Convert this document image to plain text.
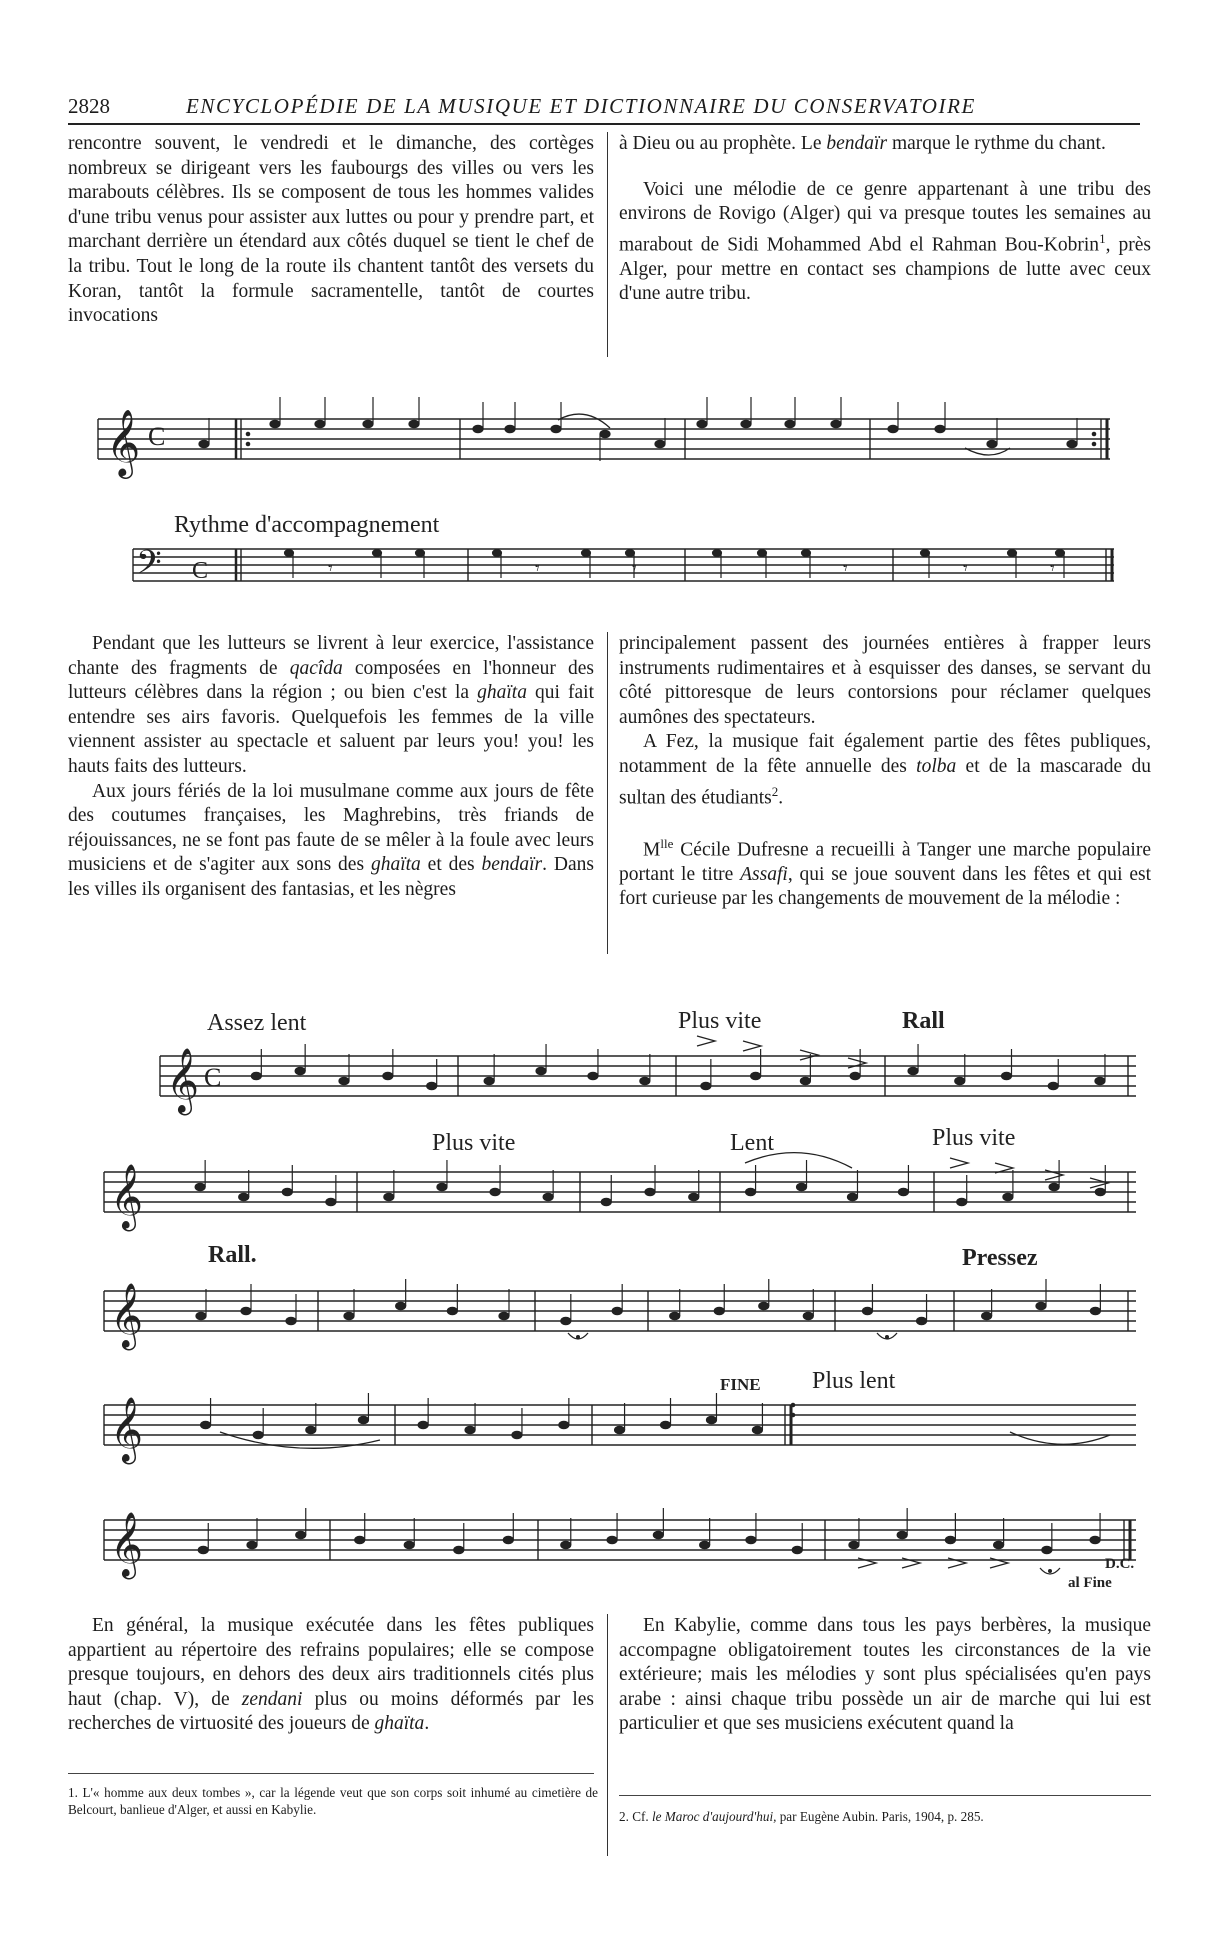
2828	ENCYCLOPÉDIE DE LA MUSIQUE ET DICTIONNAIRE DU CONSERVATOIRE

rencontre souvent, le vendredi et le dimanche, des cortèges nombreux se dirigeant vers les faubourgs des villes ou vers les marabouts célèbres. Ils se composent de tous les hommes valides d'une tribu venus pour assister aux luttes ou pour y prendre part, et marchant derrière un étendard aux côtés duquel se tient le chef de la tribu. Tout le long de la route ils chantent tantôt des versets du Koran, tantôt la formule sacramentelle, tantôt de courtes invocations

à Dieu ou au prophète. Le bendaïr marque le rythme du chant.

Voici une mélodie de ce genre appartenant à une tribu des environs de Rovigo (Alger) qui va presque toutes les semaines au marabout de Sidi Mohammed Abd el Rahman Bou-Kobrin$^1$, près Alger, pour mettre en contact ses champions de lutte avec ceux d'une autre tribu.

𝄞 C
Rythme d'accompagnement
𝄢 C	𝄾	𝄾	𝄾	𝄾	𝄾	𝄾

Pendant que les lutteurs se livrent à leur exercice, l'assistance chante des fragments de qacîda composées en l'honneur des lutteurs célèbres dans la région ; ou bien c'est la ghaïta qui fait entendre ses airs favoris. Quelquefois les femmes de la ville viennent assister au spectacle et saluent par leurs you! you! les hauts faits des lutteurs.

Aux jours fériés de la loi musulmane comme aux jours de fête des coutumes françaises, les Maghrebins, très friands de réjouissances, ne se font pas faute de se mêler à la foule avec leurs musiciens et de s'agiter aux sons des ghaïta et des bendaïr. Dans les villes ils organisent des fantasias, et les nègres

principalement passent des journées entières à frapper leurs instruments rudimentaires et à esquisser des danses, se servant du côté pittoresque de leurs contorsions pour réclamer quelques aumônes des spectateurs.

A Fez, la musique fait également partie des fêtes publiques, notamment de la fête annuelle des tolba et de la mascarade du sultan des étudiants$^2$.

$M^{lle}$ Cécile Dufresne a recueilli à Tanger une marche populaire portant le titre Assafi, qui se joue souvent dans les fêtes et qui est fort curieuse par les changements de mouvement de la mélodie :

Assez lent	Plus vite	Rall
Plus vite	Lent	Plus vite
Rall.	Pressez
FINE Plus lent
D.C.
al Fine
𝄞
𝄞
𝄞
𝄞
𝄞
C

En général, la musique exécutée dans les fêtes publiques appartient au répertoire des refrains populaires; elle se compose presque toujours, en dehors des deux airs traditionnels cités plus haut (chap. V), de zendani plus ou moins déformés par les recherches de virtuosité des joueurs de ghaïta.

En Kabylie, comme dans tous les pays berbères, la musique accompagne obligatoirement toutes les circonstances de la vie extérieure; mais les mélodies y sont plus spécialisées qu'en pays arabe : ainsi chaque tribu possède un air de marche qui lui est particulier et que ses musiciens exécutent quand la

1. L'« homme aux deux tombes », car la légende veut que son corps soit inhumé au cimetière de Belcourt, banlieue d'Alger, et aussi en Kabylie.	2. Cf. le Maroc d'aujourd'hui, par Eugène Aubin. Paris, 1904, p. 285.
